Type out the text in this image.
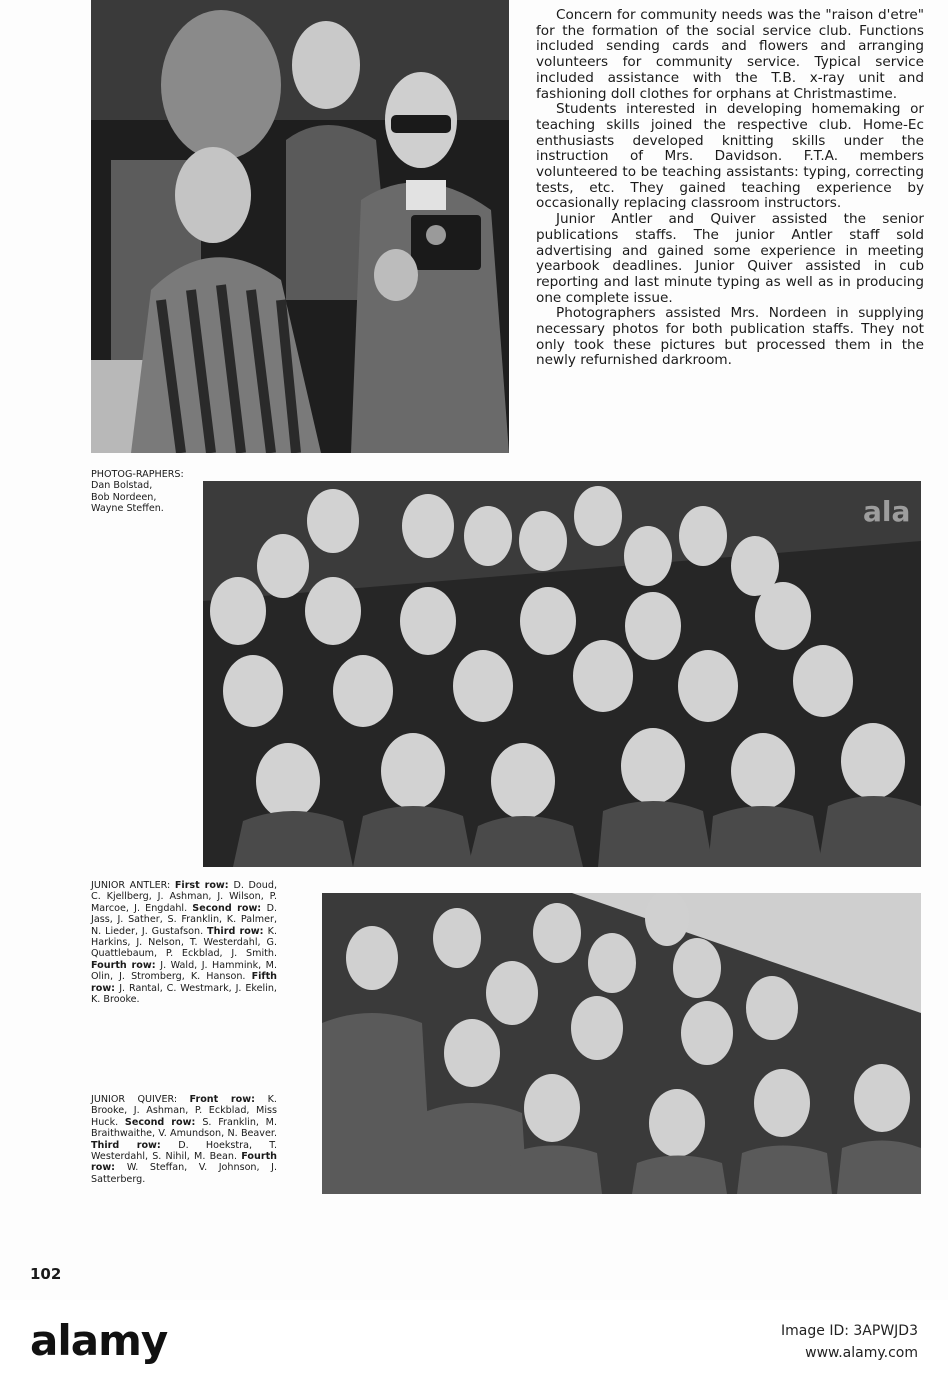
Concern for community needs was the "raison d'etre" for the formation of the social service club. Functions included sending cards and flowers and arranging volunteers for community service. Typical service included assistance with the T.B. x-ray unit and fashioning doll clothes for orphans at Christmastime.

Students interested in developing homemaking or teaching skills joined the respective club. Home-Ec enthusiasts developed knitting skills under the instruction of Mrs. Davidson. F.T.A. members volunteered to be teaching assistants: typing, correcting tests, etc. They gained teaching experience by occasionally replacing classroom instructors.

Junior Antler and Quiver assisted the senior publications staffs. The junior Antler staff sold advertising and gained some experience in meeting yearbook deadlines. Junior Quiver assisted in cub reporting and last minute typing as well as in producing one complete issue.

Photographers assisted Mrs. Nordeen in supplying necessary photos for both publication staffs. They not only took these pictures but processed them in the newly refurnished darkroom.

PHOTOG-RAPHERS:
Dan Bolstad,
Bob Nordeen,
Wayne Steffen.	ala
JUNIOR ANTLER: First row: D. Doud, C. Kjellberg, J. Ashman, J. Wilson, P. Marcoe, J. Engdahl. Second row: D. Jass, J. Sather, S. Franklin, K. Palmer, N. Lieder, J. Gustafson. Third row: K. Harkins, J. Nelson, T. Westerdahl, G. Quattlebaum, P. Eckblad, J. Smith. Fourth row: J. Wald, J. Hammink, M. Olin, J. Stromberg, K. Hanson. Fifth row: J. Rantal, C. Westmark, J. Ekelin, K. Brooke.
JUNIOR QUIVER: Front row: K. Brooke, J. Ashman, P. Eckblad, Miss Huck. Second row: S. Franklin, M. Braithwaithe, V. Amundson, N. Beaver. Third row: D. Hoekstra, T. Westerdahl, S. Nihil, M. Bean. Fourth row: W. Steffan, V. Johnson, J. Satterberg.
102
alamy	Image ID: 3APWJD3
www.alamy.com
